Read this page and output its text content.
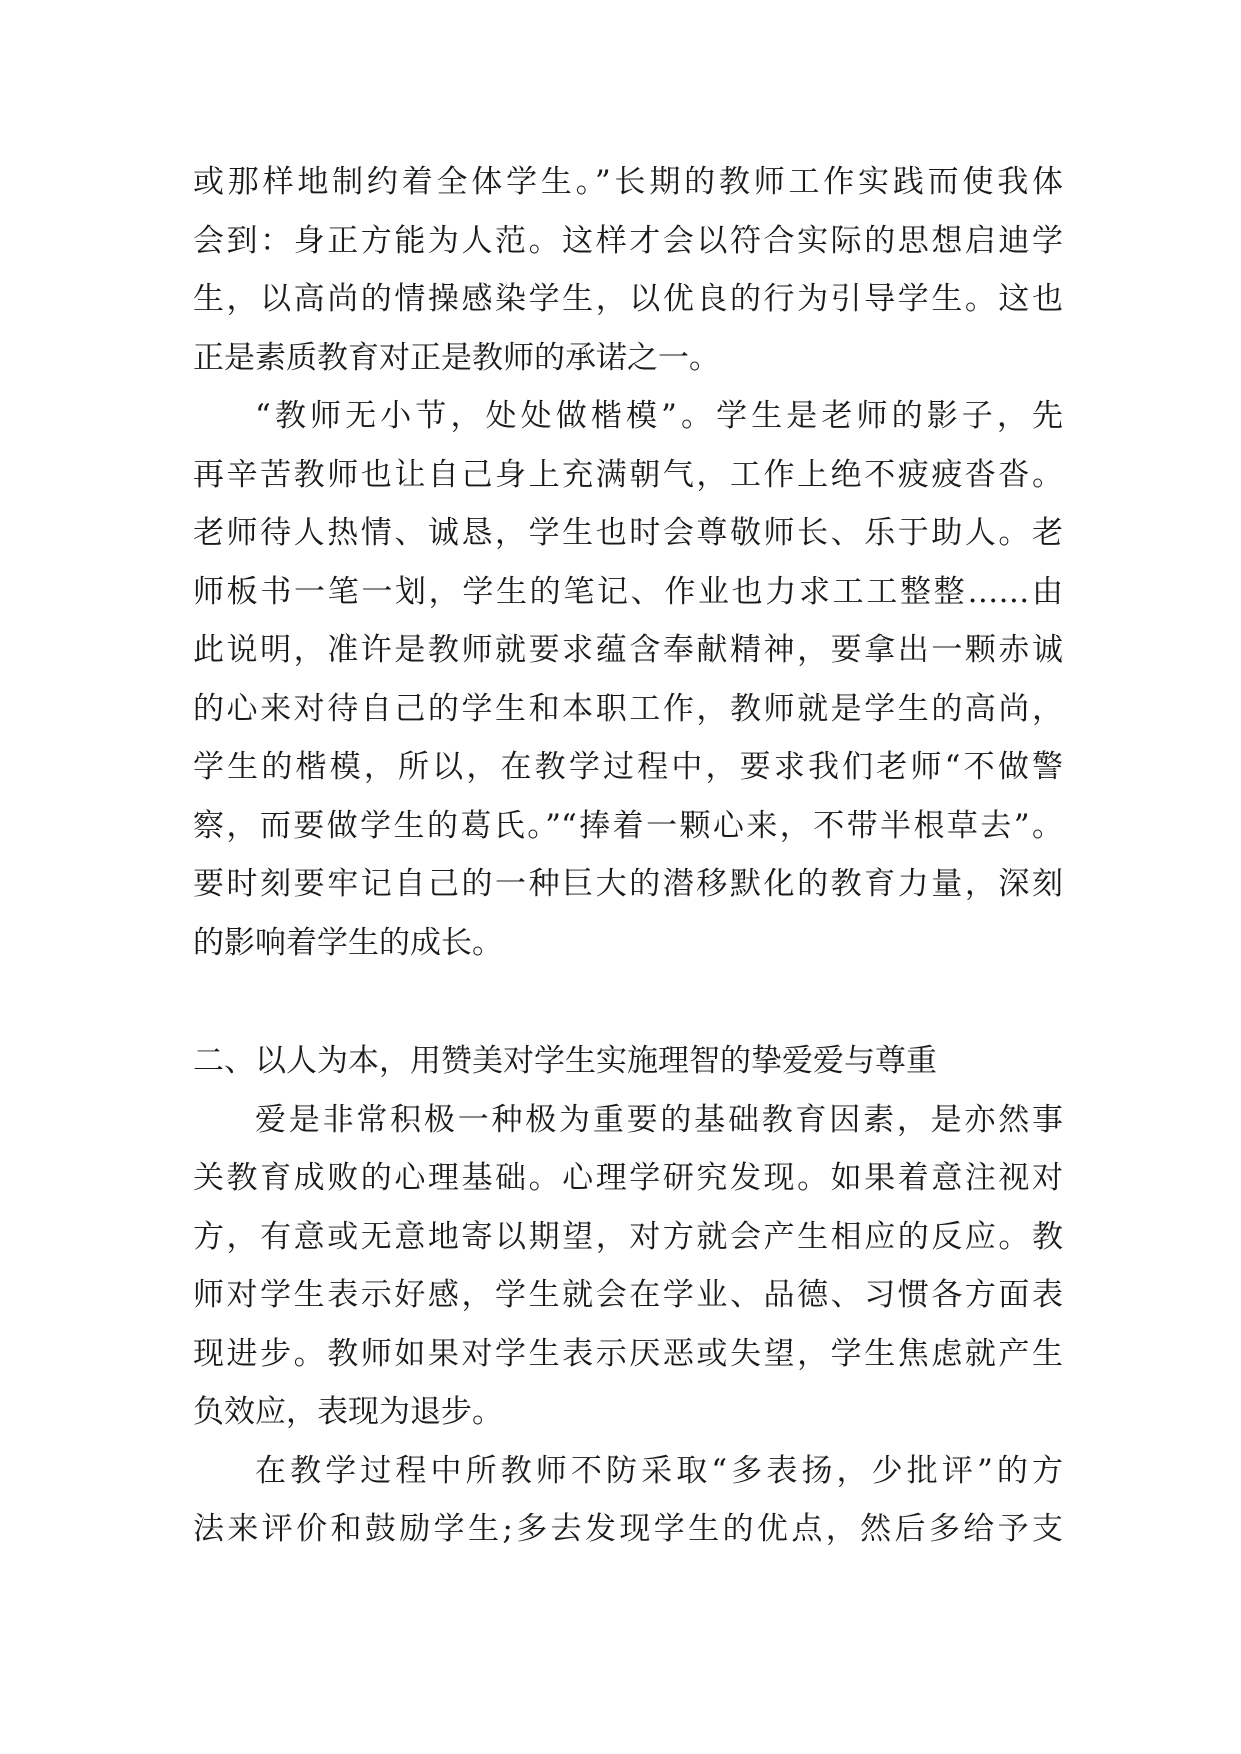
或那样地制约着全体学生。”长期的教师工作实践而使我体
会到：身正方能为人范。这样才会以符合实际的思想启迪学
生，以高尚的情操感染学生，以优良的行为引导学生。这也
正是素质教育对正是教师的承诺之一。
“教师无小节，处处做楷模”。学生是老师的影子，先
再辛苦教师也让自己身上充满朝气，工作上绝不疲疲沓沓。
老师待人热情、诚恳，学生也时会尊敬师长、乐于助人。老
师板书一笔一划，学生的笔记、作业也力求工工整整……由
此说明，准许是教师就要求蕴含奉献精神，要拿出一颗赤诚
的心来对待自己的学生和本职工作，教师就是学生的高尚，
学生的楷模，所以，在教学过程中，要求我们老师“不做警
察，而要做学生的葛氏。”“捧着一颗心来，不带半根草去”。
要时刻要牢记自己的一种巨大的潜移默化的教育力量，深刻
的影响着学生的成长。
二、以人为本，用赞美对学生实施理智的挚爱爱与尊重
爱是非常积极一种极为重要的基础教育因素，是亦然事
关教育成败的心理基础。心理学研究发现。如果着意注视对
方，有意或无意地寄以期望，对方就会产生相应的反应。教
师对学生表示好感，学生就会在学业、品德、习惯各方面表
现进步。教师如果对学生表示厌恶或失望，学生焦虑就产生
负效应，表现为退步。
在教学过程中所教师不防采取“多表扬，少批评”的方
法来评价和鼓励学生;多去发现学生的优点，然后多给予支
